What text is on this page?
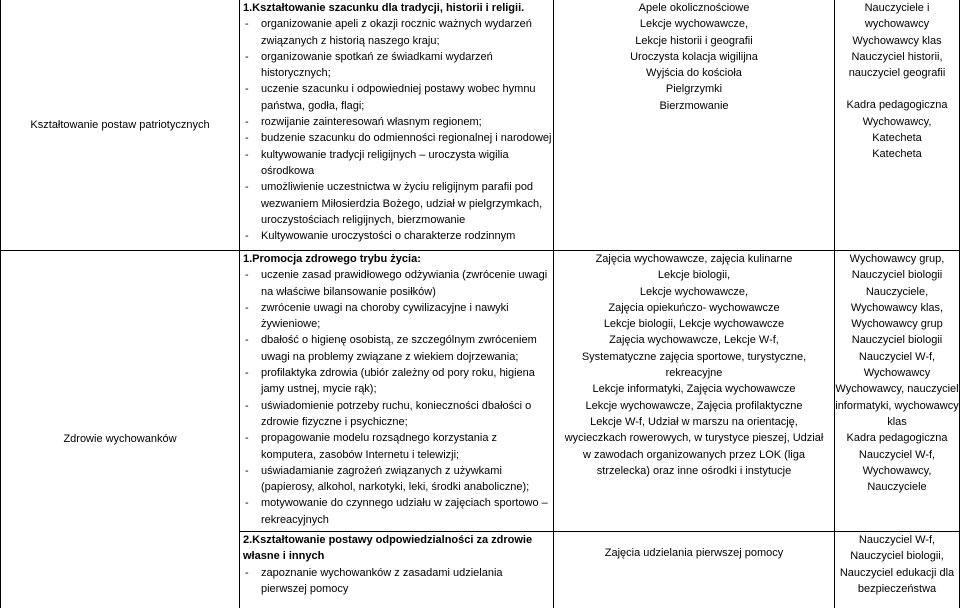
Kształtowanie postaw patriotycznych
1.Kształtowanie szacunku dla tradycji, historii i religii.
- organizowanie apeli z okazji rocznic ważnych wydarzeń związanych z historią naszego kraju;
- organizowanie spotkań ze świadkami wydarzeń historycznych;
- uczenie szacunku i odpowiedniej postawy wobec hymnu państwa, godła, flagi;
- rozwijanie zainteresowań własnym regionem;
- budzenie szacunku do odmienności regionalnej i narodowej
- kultywowanie tradycji religijnych – uroczysta wigilia ośrodkowa
- umożliwienie uczestnictwa w życiu religijnym parafii pod wezwaniem Miłosierdzia Bożego, udział w pielgrzymkach, uroczystościach religijnych, bierzmowanie
- Kultywowanie uroczystości o charakterze rodzinnym
Apele okolicznościowe
Lekcje wychowawcze,
Lekcje historii i geografii
Uroczysta kolacja wigilijna
Wyjścia do kościoła
Pielgrzymki
Bierzmowanie
Nauczyciele i
wychowawcy
Wychowawcy klas
Nauczyciel historii,
nauczyciel geografii
Kadra pedagogiczna
Wychowawcy,
Katecheta
Katecheta
Zdrowie wychowanków
1.Promocja zdrowego trybu życia:
- uczenie zasad prawidłowego odżywiania (zwrócenie uwagi na właściwe bilansowanie posiłków)
- zwrócenie uwagi na choroby cywilizacyjne i nawyki żywieniowe;
- dbałość o higienę osobistą, ze szczególnym zwróceniem uwagi na problemy związane z wiekiem dojrzewania;
- profilaktyka zdrowia (ubiór zależny od pory roku, higiena jamy ustnej, mycie rąk);
- uświadomienie potrzeby ruchu, konieczności dbałości o zdrowie fizyczne i psychiczne;
- propagowanie modelu rozsądnego korzystania z komputera, zasobów Internetu i telewizji;
- uświadamianie zagrożeń związanych z używkami (papierosy, alkohol, narkotyki, leki, środki anaboliczne);
- motywowanie do czynnego udziału w zajęciach sportowo – rekreacyjnych
2.Kształtowanie postawy odpowiedzialności za zdrowie własne i innych
- zapoznanie wychowanków z zasadami udzielania pierwszej pomocy
Zajęcia wychowawcze, zajęcia kulinarne
Lekcje biologii,
Lekcje wychowawcze,
Zajęcia opiekuńczo- wychowawcze
Lekcje biologii, Lekcje wychowawcze
Zajęcia wychowawcze, Lekcje W-f,
Systematyczne zajęcia sportowe, turystyczne, rekreacyjne
Lekcje informatyki, Zajęcia wychowawcze
Lekcje wychowawcze, Zajęcia profilaktyczne
Lekcje W-f, Udział w marszu na orientację, wycieczkach rowerowych, w turystyce pieszej, Udział w zawodach organizowanych przez LOK (liga strzelecka) oraz inne ośrodki i instytucje
Zajęcia udzielania pierwszej pomocy
Wychowawcy grup,
Nauczyciel biologii
Nauczyciele,
Wychowawcy klas,
Wychowawcy grup
Nauczyciel biologii
Nauczyciel W-f,
Wychowawcy
Wychowawcy, nauczyciel informatyki, wychowawcy klas
Kadra pedagogiczna
Nauczyciel W-f,
Wychowawcy,
Nauczyciele
Nauczyciel W-f,
Nauczyciel biologii,
Nauczyciel edukacji dla bezpieczeństwa
